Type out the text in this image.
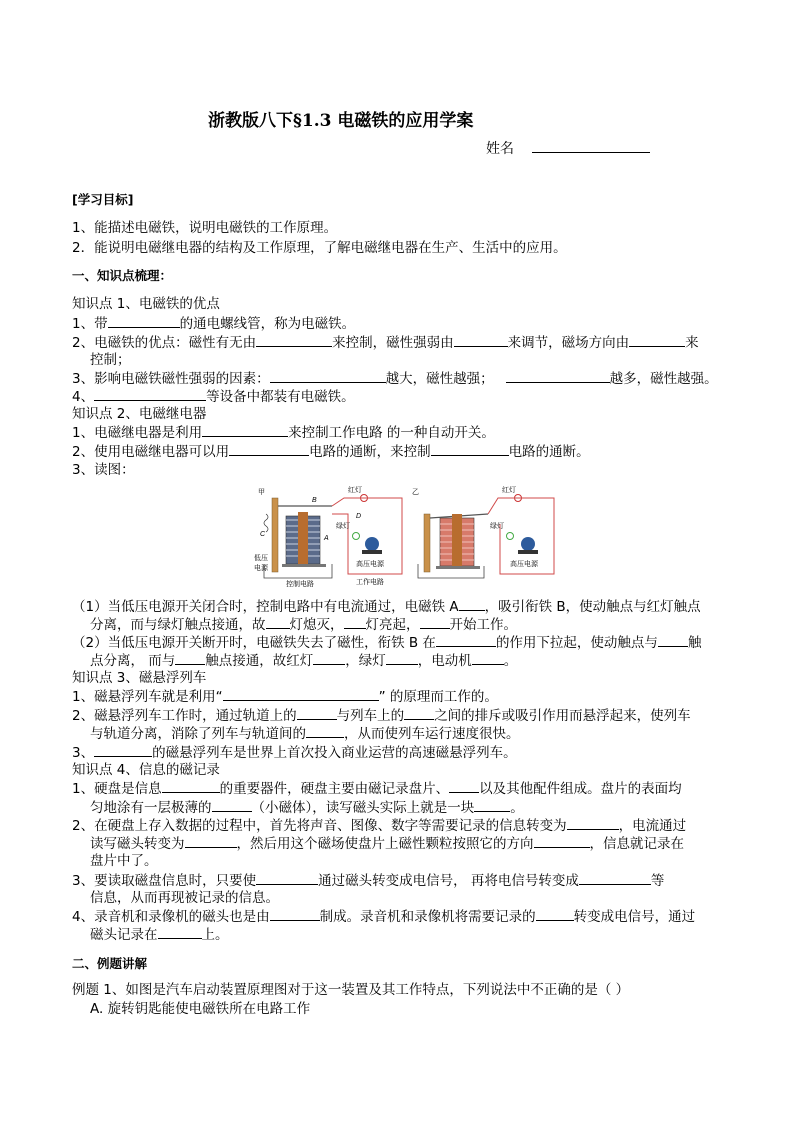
浙教版八下§1.3 电磁铁的应用学案
姓名
[学习目标]
1、能描述电磁铁，说明电磁铁的工作原理。
2．能说明电磁继电器的结构及工作原理，了解电磁继电器在生产、生活中的应用。
一、知识点梳理：
知识点 1、电磁铁的优点
1、带	的通电螺线管，称为电磁铁。
2、电磁铁的优点：磁性有无由	来控制，磁性强弱由	来调节，磁场方向由	来
控制；
3、影响电磁铁磁性强弱的因素：	越大，磁性越强；	越多，磁性越强。
4、	等设备中都装有电磁铁。
知识点 2、电磁继电器
1、电磁继电器是利用	来控制工作电路 的一种自动开关。
2、使用电磁继电器可以用	电路的通断，来控制	电路的通断。
3、读图：
甲
B
A
C
低压
电源
控制电路
红灯
D
绿灯
高压电源
工作电路
乙	红灯
绿灯
高压电源
（1）当低压电源开关闭合时，控制电路中有电流通过，电磁铁 A ，吸引衔铁 B，使动触点与红灯触点
分离，而与绿灯触点接通，故 灯熄灭， 灯亮起， 开始工作。
（2）当低压电源开关断开时，电磁铁失去了磁性，衔铁 B 在	的作用下拉起，使动触点与 触
点分离， 而与 触点接通，故红灯 ，绿灯 ，电动机 。
知识点 3、磁悬浮列车
1、磁悬浮列车就是利用“	” 的原理而工作的。
2、磁悬浮列车工作时，通过轨道上的	与列车上的 之间的排斥或吸引作用而悬浮起来，使列车
与轨道分离，消除了列车与轨道间的	，从而使列车运行速度很快。
3、	的磁悬浮列车是世界上首次投入商业运营的高速磁悬浮列车。
知识点 4、信息的磁记录
1、硬盘是信息	的重要器件，硬盘主要由磁记录盘片、 以及其他配件组成。盘片的表面均
匀地涂有一层极薄的	（小磁体），读写磁头实际上就是一块	。
2、在硬盘上存入数据的过程中，首先将声音、图像、数字等需要记录的信息转变为	，电流通过
读写磁头转变为	，然后用这个磁场使盘片上磁性颗粒按照它的方向	，信息就记录在
盘片中了。
3、要读取磁盘信息时，只要使	通过磁头转变成电信号， 再将电信号转变成	等
信息，从而再现被记录的信息。
4、录音机和录像机的磁头也是由	制成。录音机和录像机将需要记录的	转变成电信号，通过
磁头记录在	上。
二、例题讲解
例题 1、如图是汽车启动装置原理图对于这一装置及其工作特点，下列说法中不正确的是（ ）
A. 旋转钥匙能使电磁铁所在电路工作
